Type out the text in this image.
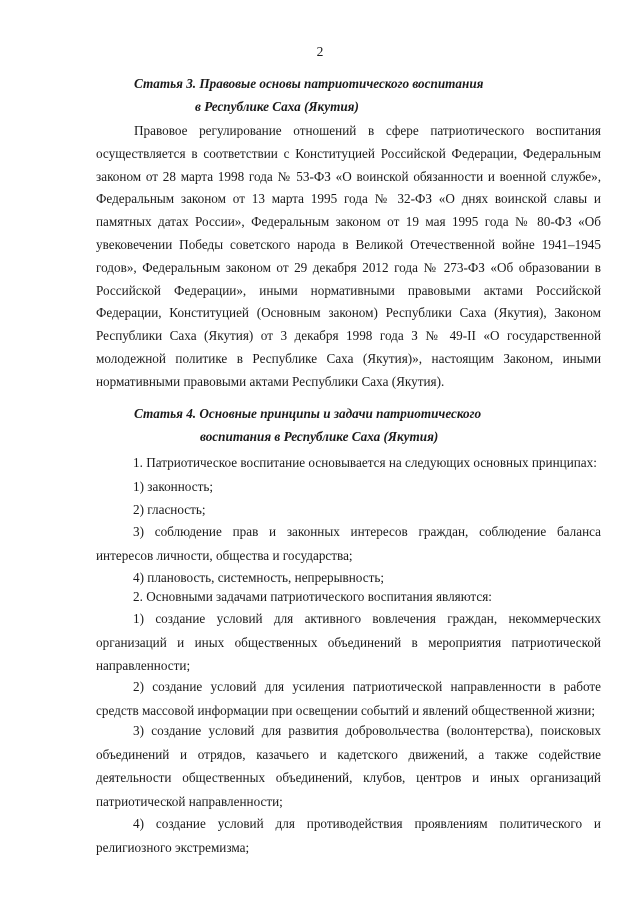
2
Статья 3. Правовые основы патриотического воспитания
в Республике Саха (Якутия)
Правовое регулирование отношений в сфере патриотического воспитания осуществляется в соответствии с Конституцией Российской Федерации, Федеральным законом от 28 марта 1998 года № 53-ФЗ «О воинской обязанности и военной службе», Федеральным законом от 13 марта 1995 года № 32-ФЗ «О днях воинской славы и памятных датах России», Федеральным законом от 19 мая 1995 года № 80-ФЗ «Об увековечении Победы советского народа в Великой Отечественной войне 1941–1945 годов», Федеральным законом от 29 декабря 2012 года № 273-ФЗ «Об образовании в Российской Федерации», иными нормативными правовыми актами Российской Федерации, Конституцией (Основным законом) Республики Саха (Якутия), Законом Республики Саха (Якутия) от 3 декабря 1998 года З № 49-II «О государственной молодежной политике в Республике Саха (Якутия)», настоящим Законом, иными нормативными правовыми актами Республики Саха (Якутия).
Статья 4. Основные принципы и задачи патриотического
воспитания в Республике Саха (Якутия)
1. Патриотическое воспитание основывается на следующих основных принципах:
1) законность;
2) гласность;
3) соблюдение прав и законных интересов граждан, соблюдение баланса интересов личности, общества и государства;
4) плановость, системность, непрерывность;
2. Основными задачами патриотического воспитания являются:
1) создание условий для активного вовлечения граждан, некоммерческих организаций и иных общественных объединений в мероприятия патриотической направленности;
2) создание условий для усиления патриотической направленности в работе средств массовой информации при освещении событий и явлений общественной жизни;
3) создание условий для развития добровольчества (волонтерства), поисковых объединений и отрядов, казачьего и кадетского движений, а также содействие деятельности общественных объединений, клубов, центров и иных организаций патриотической направленности;
4) создание условий для противодействия проявлениям политического и религиозного экстремизма;
